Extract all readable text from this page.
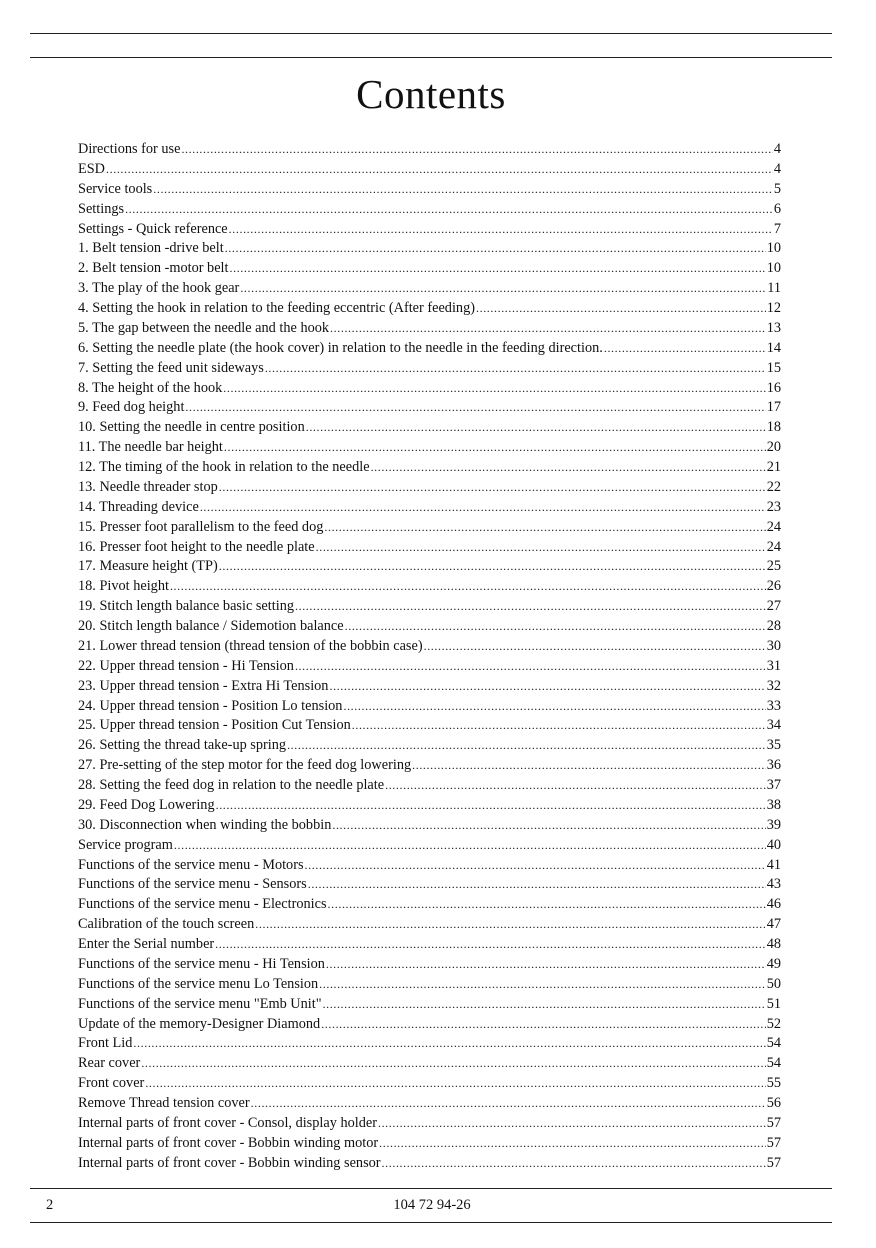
Contents
Directions for use .....	4
ESD .....	4
Service tools .....	5
Settings .....	6
Settings - Quick reference .....	7
1. Belt tension -drive belt .....	10
2. Belt tension -motor belt .....	10
3. The play of the hook gear .....	11
4. Setting the hook in relation to the feeding eccentric (After feeding) .....	12
5. The gap between the needle and the hook .....	13
6. Setting the needle plate (the hook cover) in relation to the needle in the feeding direction. .....	14
7. Setting the feed unit sideways .....	15
8. The height of the hook .....	16
9. Feed dog height .....	17
10. Setting the needle in centre position .....	18
11. The needle bar height .....	20
12. The timing of the hook in relation to the needle .....	21
13. Needle threader stop .....	22
14. Threading device .....	23
15. Presser foot parallelism to the feed dog .....	24
16. Presser foot height to the needle plate .....	24
17. Measure height (TP) .....	25
18. Pivot height .....	26
19. Stitch length balance basic setting .....	27
20. Stitch length balance / Sidemotion balance .....	28
21. Lower thread tension (thread tension of the bobbin case) .....	30
22. Upper thread tension - Hi Tension .....	31
23. Upper thread tension - Extra Hi Tension .....	32
24. Upper thread tension - Position Lo tension .....	33
25. Upper thread tension - Position Cut Tension .....	34
26. Setting the thread take-up spring .....	35
27. Pre-setting of the step motor for the feed dog lowering .....	36
28. Setting the feed dog in relation to the needle plate .....	37
29. Feed Dog Lowering .....	38
30. Disconnection when winding the bobbin .....	39
Service program .....	40
Functions of the service menu - Motors .....	41
Functions of the service menu - Sensors .....	43
Functions of the service menu - Electronics .....	46
Calibration of the touch screen .....	47
Enter the Serial number .....	48
Functions of the service menu - Hi Tension .....	49
Functions of the service menu Lo Tension .....	50
Functions of the service menu "Emb Unit" .....	51
Update of the memory-Designer Diamond .....	52
Front Lid .....	54
Rear cover .....	54
Front cover .....	55
Remove Thread tension cover .....	56
Internal parts of front cover - Consol, display holder .....	57
Internal parts of front cover - Bobbin winding motor .....	57
Internal parts of front cover - Bobbin winding sensor .....	57
2	104 72 94-26
